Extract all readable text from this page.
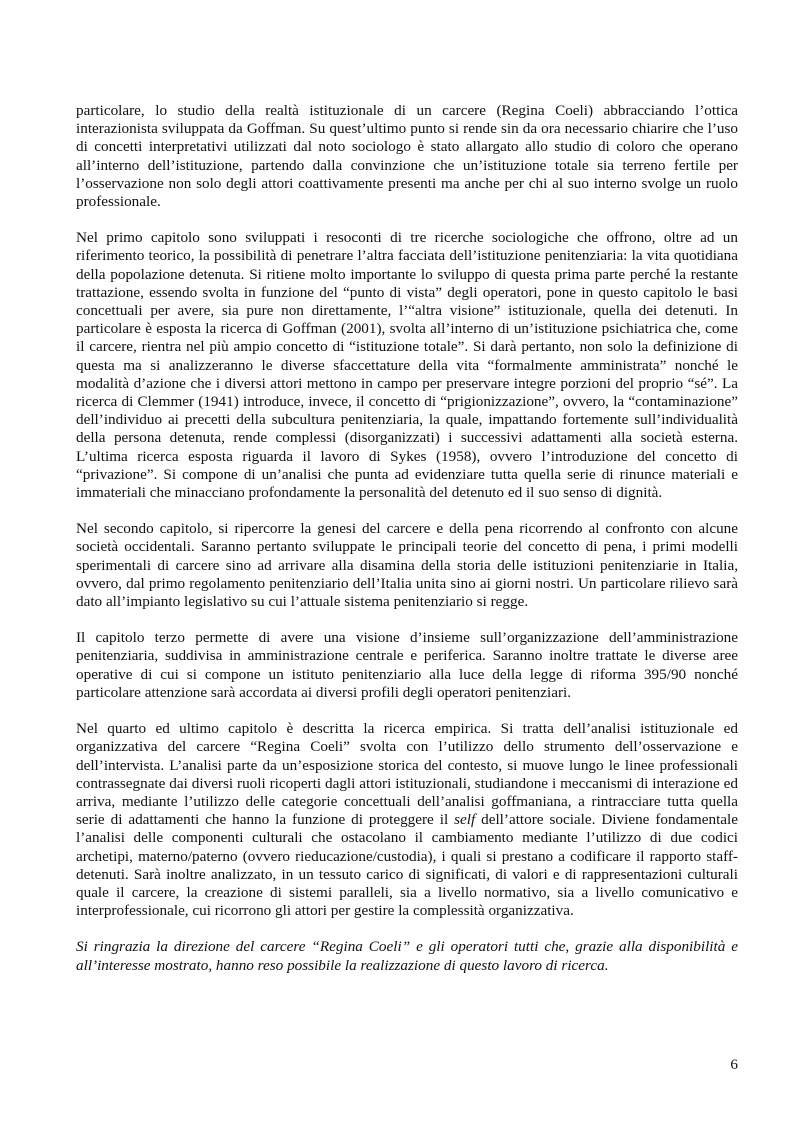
particolare, lo studio della realtà istituzionale di un carcere (Regina Coeli) abbracciando l’ottica interazionista sviluppata da Goffman. Su quest’ultimo punto si rende sin da ora necessario chiarire che l’uso di concetti interpretativi utilizzati dal noto sociologo è stato allargato allo studio di coloro che operano all’interno dell’istituzione, partendo dalla convinzione che un’istituzione totale sia terreno fertile per l’osservazione non solo degli attori coattivamente presenti ma anche per chi al suo interno svolge un ruolo professionale.

Nel primo capitolo sono sviluppati i resoconti di tre ricerche sociologiche che offrono, oltre ad un riferimento teorico, la possibilità di penetrare l’altra facciata dell’istituzione penitenziaria: la vita quotidiana della popolazione detenuta. Si ritiene molto importante lo sviluppo di questa prima parte perché la restante trattazione, essendo svolta in funzione del “punto di vista” degli operatori, pone in questo capitolo le basi concettuali per avere, sia pure non direttamente, l’“altra visione” istituzionale, quella dei detenuti. In particolare è esposta la ricerca di Goffman (2001), svolta all’interno di un’istituzione psichiatrica che, come il carcere, rientra nel più ampio concetto di “istituzione totale”. Si darà pertanto, non solo la definizione di questa ma si analizzeranno le diverse sfaccettature della vita “formalmente amministrata” nonché le modalità d’azione che i diversi attori mettono in campo per preservare integre porzioni del proprio “sé”. La ricerca di Clemmer (1941) introduce, invece, il concetto di “prigionizzazione”, ovvero, la “contaminazione” dell’individuo ai precetti della subcultura penitenziaria, la quale, impattando fortemente sull’individualità della persona detenuta, rende complessi (disorganizzati) i successivi adattamenti alla società esterna. L’ultima ricerca esposta riguarda il lavoro di Sykes (1958), ovvero l’introduzione del concetto di “privazione”. Si compone di un’analisi che punta ad evidenziare tutta quella serie di rinunce materiali e immateriali che minacciano profondamente la personalità del detenuto ed il suo senso di dignità.

Nel secondo capitolo, si ripercorre la genesi del carcere e della pena ricorrendo al confronto con alcune società occidentali. Saranno pertanto sviluppate le principali teorie del concetto di pena, i primi modelli sperimentali di carcere sino ad arrivare alla disamina della storia delle istituzioni penitenziarie in Italia, ovvero, dal primo regolamento penitenziario dell’Italia unita sino ai giorni nostri. Un particolare rilievo sarà dato all’impianto legislativo su cui l’attuale sistema penitenziario si regge.

Il capitolo terzo permette di avere una visione d’insieme sull’organizzazione dell’amministrazione penitenziaria, suddivisa in amministrazione centrale e periferica. Saranno inoltre trattate le diverse aree operative di cui si compone un istituto penitenziario alla luce della legge di riforma 395/90 nonché particolare attenzione sarà accordata ai diversi profili degli operatori penitenziari.

Nel quarto ed ultimo capitolo è descritta la ricerca empirica. Si tratta dell’analisi istituzionale ed organizzativa del carcere “Regina Coeli” svolta con l’utilizzo dello strumento dell’osservazione e dell’intervista. L’analisi parte da un’esposizione storica del contesto, si muove lungo le linee professionali contrassegnate dai diversi ruoli ricoperti dagli attori istituzionali, studiandone i meccanismi di interazione ed arriva, mediante l’utilizzo delle categorie concettuali dell’analisi goffmaniana, a rintracciare tutta quella serie di adattamenti che hanno la funzione di proteggere il self dell’attore sociale. Diviene fondamentale l’analisi delle componenti culturali che ostacolano il cambiamento mediante l’utilizzo di due codici archetipi, materno/paterno (ovvero rieducazione/custodia), i quali si prestano a codificare il rapporto staff-detenuti. Sarà inoltre analizzato, in un tessuto carico di significati, di valori e di rappresentazioni culturali quale il carcere, la creazione di sistemi paralleli, sia a livello normativo, sia a livello comunicativo e interprofessionale, cui ricorrono gli attori per gestire la complessità organizzativa.

Si ringrazia la direzione del carcere “Regina Coeli” e gli operatori tutti che, grazie alla disponibilità e all’interesse mostrato, hanno reso possibile la realizzazione di questo lavoro di ricerca.

6
